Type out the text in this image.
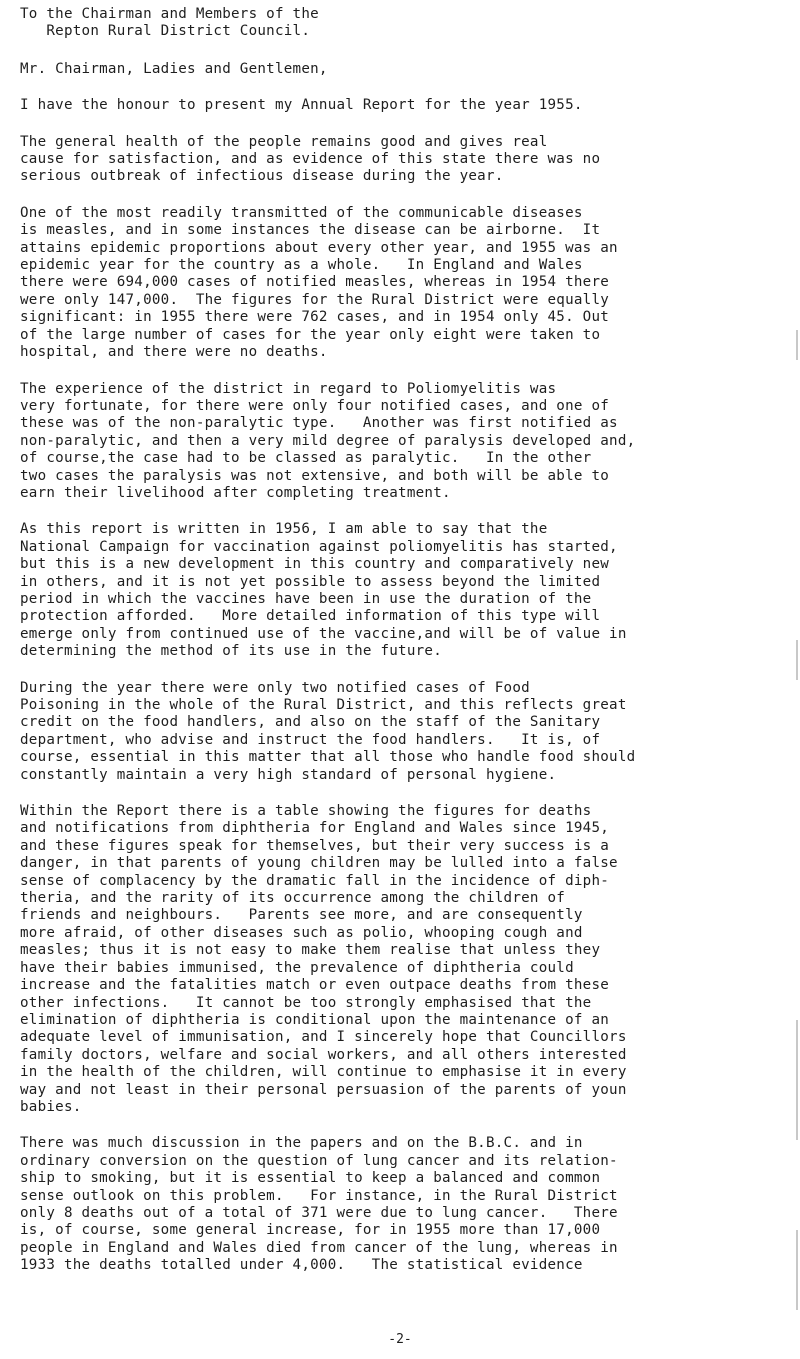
To the Chairman and Members of the
Repton Rural District Council.
Mr. Chairman, Ladies and Gentlemen,
I have the honour to present my Annual Report for the year 1955.
The general health of the people remains good and gives real
cause for satisfaction, and as evidence of this state there was no
serious outbreak of infectious disease during the year.
One of the most readily transmitted of the communicable diseases
is measles, and in some instances the disease can be airborne.  It
attains epidemic proportions about every other year, and 1955 was an
epidemic year for the country as a whole.   In England and Wales
there were 694,000 cases of notified measles, whereas in 1954 there
were only 147,000.  The figures for the Rural District were equally
significant: in 1955 there were 762 cases, and in 1954 only 45. Out
of the large number of cases for the year only eight were taken to
hospital, and there were no deaths.
The experience of the district in regard to Poliomyelitis was
very fortunate, for there were only four notified cases, and one of
these was of the non-paralytic type.   Another was first notified as
non-paralytic, and then a very mild degree of paralysis developed and,
of course,the case had to be classed as paralytic.   In the other
two cases the paralysis was not extensive, and both will be able to
earn their livelihood after completing treatment.
As this report is written in 1956, I am able to say that the
National Campaign for vaccination against poliomyelitis has started,
but this is a new development in this country and comparatively new
in others, and it is not yet possible to assess beyond the limited
period in which the vaccines have been in use the duration of the
protection afforded.   More detailed information of this type will
emerge only from continued use of the vaccine,and will be of value in
determining the method of its use in the future.
During the year there were only two notified cases of Food
Poisoning in the whole of the Rural District, and this reflects great
credit on the food handlers, and also on the staff of the Sanitary
department, who advise and instruct the food handlers.   It is, of
course, essential in this matter that all those who handle food should
constantly maintain a very high standard of personal hygiene.
Within the Report there is a table showing the figures for deaths
and notifications from diphtheria for England and Wales since 1945,
and these figures speak for themselves, but their very success is a
danger, in that parents of young children may be lulled into a false
sense of complacency by the dramatic fall in the incidence of diph-
theria, and the rarity of its occurrence among the children of
friends and neighbours.   Parents see more, and are consequently
more afraid, of other diseases such as polio, whooping cough and
measles; thus it is not easy to make them realise that unless they
have their babies immunised, the prevalence of diphtheria could
increase and the fatalities match or even outpace deaths from these
other infections.   It cannot be too strongly emphasised that the
elimination of diphtheria is conditional upon the maintenance of an
adequate level of immunisation, and I sincerely hope that Councillors
family doctors, welfare and social workers, and all others interested
in the health of the children, will continue to emphasise it in every
way and not least in their personal persuasion of the parents of youn
babies.
There was much discussion in the papers and on the B.B.C. and in
ordinary conversion on the question of lung cancer and its relation-
ship to smoking, but it is essential to keep a balanced and common
sense outlook on this problem.   For instance, in the Rural District
only 8 deaths out of a total of 371 were due to lung cancer.   There
is, of course, some general increase, for in 1955 more than 17,000
people in England and Wales died from cancer of the lung, whereas in
1933 the deaths totalled under 4,000.   The statistical evidence
-2-
